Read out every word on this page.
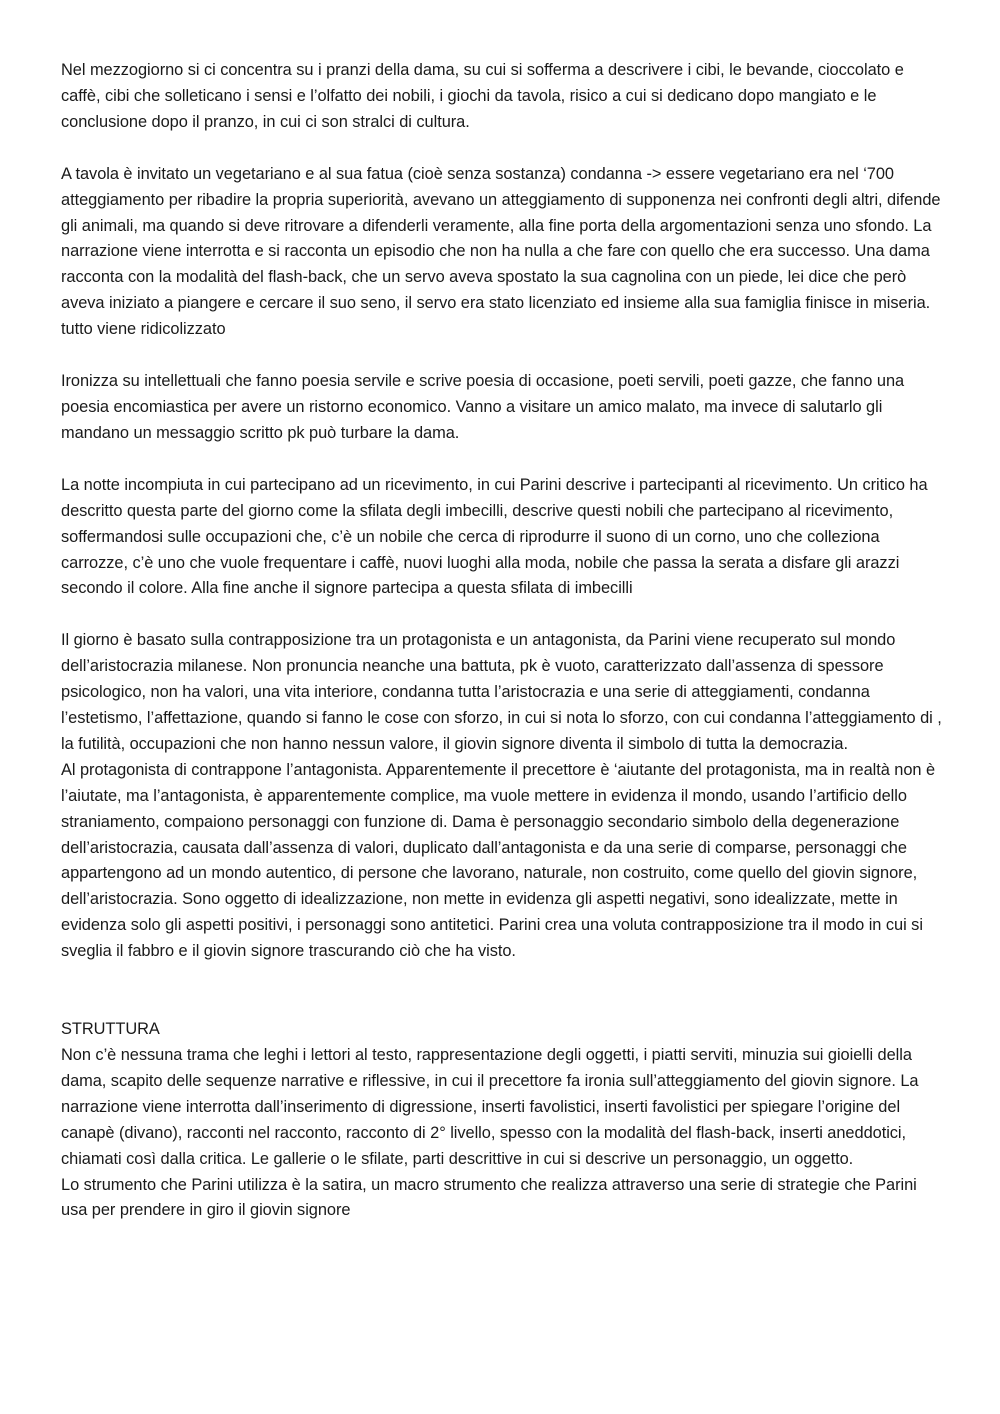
Nel mezzogiorno si ci concentra su i pranzi della dama, su cui si sofferma a descrivere i cibi, le bevande, cioccolato e caffè, cibi che solleticano i sensi e l’olfatto dei nobili, i giochi da tavola, risico a cui si dedicano dopo mangiato e le conclusione dopo il pranzo, in cui ci son stralci di cultura.

A tavola è invitato un vegetariano e al sua fatua (cioè senza sostanza) condanna -> essere vegetariano era nel ‘700 atteggiamento per ribadire la propria superiorità, avevano un atteggiamento di supponenza nei confronti degli altri, difende gli animali, ma quando si deve ritrovare a difenderli veramente, alla fine porta della argomentazioni senza uno sfondo. La narrazione viene interrotta e si racconta un episodio che non ha nulla a che fare con quello che era successo. Una dama racconta con la modalità del flash-back, che un servo aveva spostato la sua cagnolina con un piede, lei dice che però aveva iniziato a piangere e cercare il suo seno, il servo era stato licenziato ed insieme alla sua famiglia finisce in miseria. tutto viene ridicolizzato

Ironizza su intellettuali che fanno poesia servile e scrive poesia di occasione, poeti servili, poeti gazze, che fanno una poesia encomiastica per avere un ristorno economico. Vanno a visitare un amico malato, ma invece di salutarlo gli mandano un messaggio scritto pk può turbare la dama.

La notte incompiuta in cui partecipano ad un ricevimento, in cui Parini descrive i partecipanti al ricevimento. Un critico ha descritto questa parte del giorno come la sfilata degli imbecilli, descrive questi nobili che partecipano al ricevimento, soffermandosi sulle occupazioni che, c’è un nobile che cerca di riprodurre il suono di un corno, uno che colleziona carrozze, c’è uno che vuole frequentare i caffè, nuovi luoghi alla moda, nobile che passa la serata a disfare gli arazzi secondo il colore. Alla fine anche il signore partecipa a questa sfilata di imbecilli

Il giorno è basato sulla contrapposizione tra un protagonista e un antagonista, da Parini viene recuperato sul mondo dell’aristocrazia milanese. Non pronuncia neanche una battuta, pk è vuoto, caratterizzato dall’assenza di spessore psicologico, non ha valori, una vita interiore, condanna tutta l’aristocrazia e una serie di atteggiamenti, condanna l’estetismo, l’affettazione, quando si fanno le cose con sforzo, in cui si nota lo sforzo, con cui condanna l’atteggiamento di , la futilità, occupazioni che non hanno nessun valore, il giovin signore diventa il simbolo di tutta la democrazia.

Al protagonista di contrappone l’antagonista. Apparentemente il precettore è ‘aiutante del protagonista, ma in realtà non è l’aiutate, ma l’antagonista, è apparentemente complice, ma vuole mettere in evidenza il mondo, usando l’artificio dello straniamento, compaiono personaggi con funzione di. Dama è personaggio secondario simbolo della degenerazione dell’aristocrazia, causata dall’assenza di valori, duplicato dall’antagonista e da una serie di comparse, personaggi che appartengono ad un mondo autentico, di persone che lavorano, naturale, non costruito, come quello del giovin signore, dell’aristocrazia. Sono oggetto di idealizzazione, non mette in evidenza gli aspetti negativi, sono idealizzate, mette in evidenza solo gli aspetti positivi, i personaggi sono antitetici. Parini crea una voluta contrapposizione tra il modo in cui si sveglia il fabbro e il giovin signore trascurando ciò che ha visto.

STRUTTURA

Non c’è nessuna trama che leghi i lettori al testo, rappresentazione degli oggetti, i piatti serviti, minuzia sui gioielli della dama, scapito delle sequenze narrative e riflessive, in cui il precettore fa ironia sull’atteggiamento del giovin signore. La narrazione viene interrotta dall’inserimento di digressione, inserti favolistici, inserti favolistici per spiegare l’origine del canapè (divano), racconti nel racconto, racconto di 2° livello, spesso con la modalità del flash-back, inserti aneddotici, chiamati così dalla critica. Le gallerie o le sfilate, parti descrittive in cui si descrive un personaggio, un oggetto.

Lo strumento che Parini utilizza è la satira, un macro strumento che realizza attraverso una serie di strategie che Parini usa per prendere in giro il giovin signore
